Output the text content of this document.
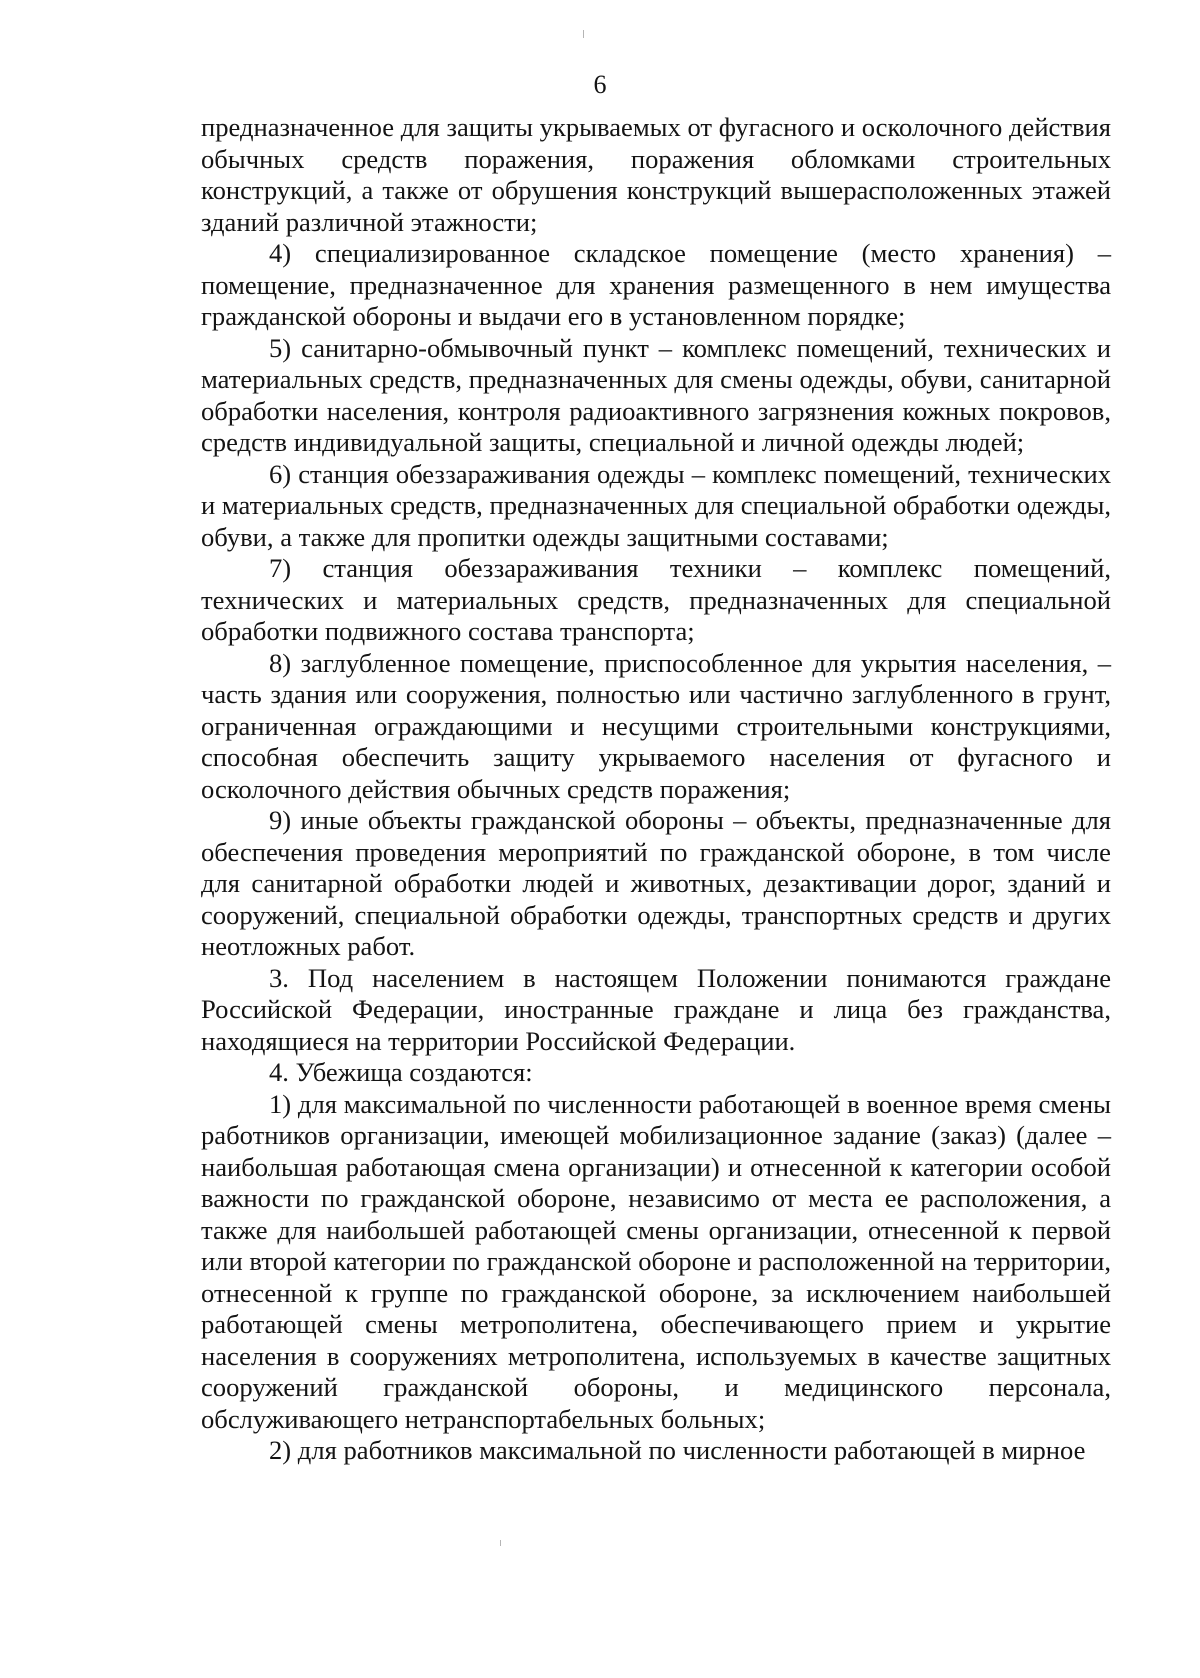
6

предназначенное для защиты укрываемых от фугасного и осколочного действия обычных средств поражения, поражения обломками строительных конструкций, а также от обрушения конструкций вышерасположенных этажей зданий различной этажности;

4) специализированное складское помещение (место хранения) – помещение, предназначенное для хранения размещенного в нем имущества гражданской обороны и выдачи его в установленном порядке;

5) санитарно-обмывочный пункт – комплекс помещений, технических и материальных средств, предназначенных для смены одежды, обуви, санитарной обработки населения, контроля радиоактивного загрязнения кожных покровов, средств индивидуальной защиты, специальной и личной одежды людей;

6) станция обеззараживания одежды – комплекс помещений, технических и материальных средств, предназначенных для специальной обработки одежды, обуви, а также для пропитки одежды защитными составами;

7) станция обеззараживания техники – комплекс помещений, технических и материальных средств, предназначенных для специальной обработки подвижного состава транспорта;

8) заглубленное помещение, приспособленное для укрытия населения, – часть здания или сооружения, полностью или частично заглубленного в грунт, ограниченная ограждающими и несущими строительными конструкциями, способная обеспечить защиту укрываемого населения от фугасного и осколочного действия обычных средств поражения;

9) иные объекты гражданской обороны – объекты, предназначенные для обеспечения проведения мероприятий по гражданской обороне, в том числе для санитарной обработки людей и животных, дезактивации дорог, зданий и сооружений, специальной обработки одежды, транспортных средств и других неотложных работ.

3. Под населением в настоящем Положении понимаются граждане Российской Федерации, иностранные граждане и лица без гражданства, находящиеся на территории Российской Федерации.

4. Убежища создаются:

1) для максимальной по численности работающей в военное время смены работников организации, имеющей мобилизационное задание (заказ) (далее – наибольшая работающая смена организации) и отнесенной к категории особой важности по гражданской обороне, независимо от места ее расположения, а также для наибольшей работающей смены организации, отнесенной к первой или второй категории по гражданской обороне и расположенной на территории, отнесенной к группе по гражданской обороне, за исключением наибольшей работающей смены метрополитена, обеспечивающего прием и укрытие населения в сооружениях метрополитена, используемых в качестве защитных сооружений гражданской обороны, и медицинского персонала, обслуживающего нетранспортабельных больных;

2) для работников максимальной по численности работающей в мирное
